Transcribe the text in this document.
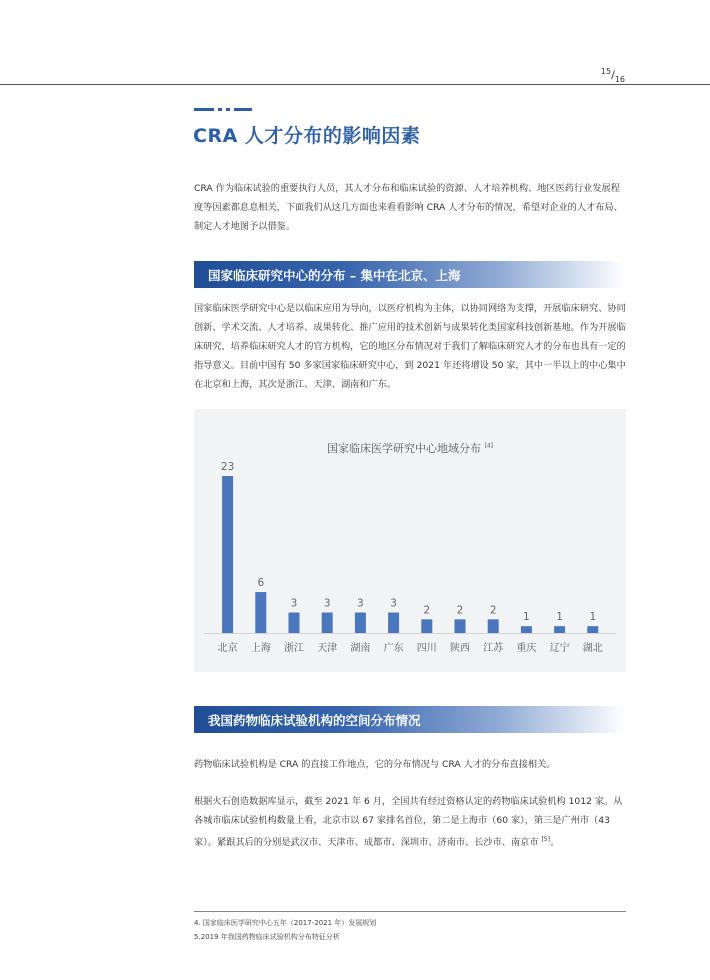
$^{15}/_{16}$
CRA 人才分布的影响因素

CRA 作为临床试验的重要执行人员，其人才分布和临床试验的资源、人才培养机构、地区医药行业发展程度等因素都息息相关，下面我们从这几方面也来看看影响 CRA 人才分布的情况，希望对企业的人才布局、制定人才地图予以借鉴。

国家临床研究中心的分布 – 集中在北京、上海

国家临床医学研究中心是以临床应用为导向，以医疗机构为主体，以协同网络为支撑，开展临床研究、协同创新、学术交流、人才培养、成果转化、推广应用的技术创新与成果转化类国家科技创新基地。作为开展临床研究，培养临床研究人才的官方机构，它的地区分布情况对于我们了解临床研究人才的分布也具有一定的指导意义。目前中国有 50 多家国家临床研究中心，到 2021 年还将增设 50 家，其中一半以上的中心集中在北京和上海，其次是浙江、天津、湖南和广东。

国家临床医学研究中心地域分布 [4]
23
北京
6
上海
3
浙江
3
天津
3
湖南
3
广东
2
四川
2
陕西
2
江苏
1
重庆
1
辽宁
1
湖北
我国药物临床试验机构的空间分布情况

药物临床试验机构是 CRA 的直接工作地点，它的分布情况与 CRA 人才的分布直接相关。

根据火石创造数据库显示，截至 2021 年 6 月，全国共有经过资格认定的药物临床试验机构 1012 家。从各城市临床试验机构数量上看，北京市以 67 家排名首位，第二是上海市（60 家），第三是广州市（43 家）。紧跟其后的分别是武汉市、天津市、成都市、深圳市、济南市、长沙市、南京市 [5]。

4. 国家临床医学研究中心五年（2017-2021 年）发展规划
5.2019 年我国药物临床试验机构分布特征分析
